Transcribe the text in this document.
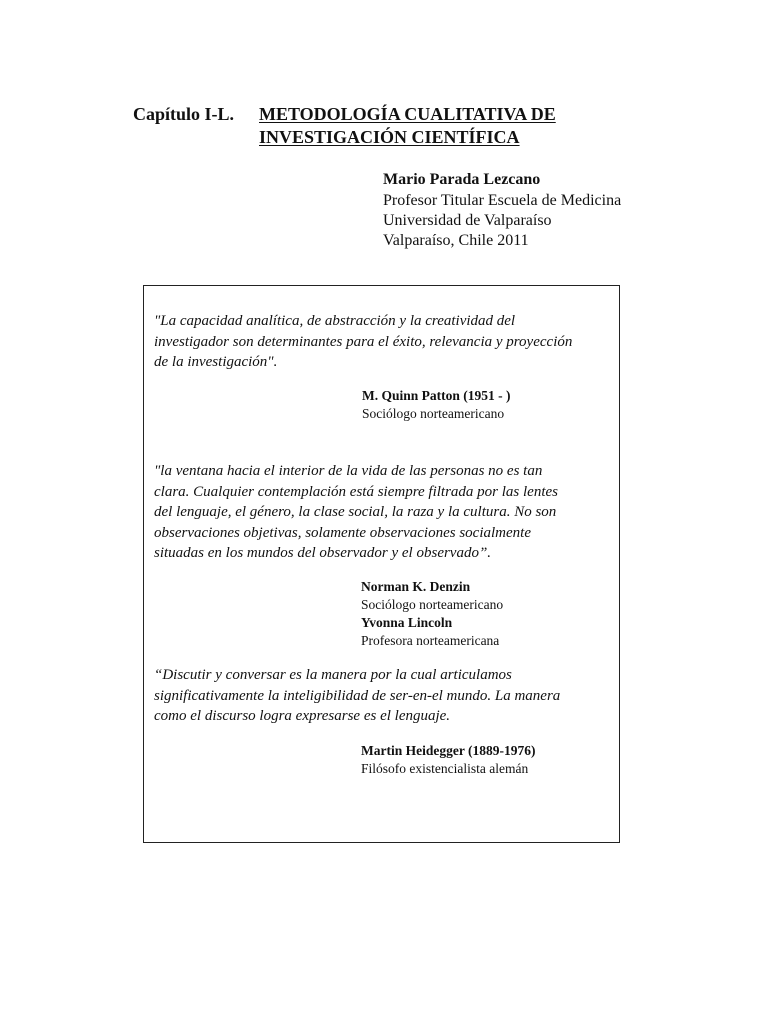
Capítulo I-L. METODOLOGÍA CUALITATIVA DE
INVESTIGACIÓN CIENTÍFICA
Mario Parada Lezcano
Profesor Titular Escuela de Medicina
Universidad de Valparaíso
Valparaíso, Chile 2011
"La capacidad analítica, de abstracción y la creatividad del
investigador son determinantes para el éxito, relevancia y proyección
de la investigación".
M. Quinn Patton (1951 - )
Sociólogo norteamericano
"la ventana hacia el interior de la vida de las personas no es tan
clara. Cualquier contemplación está siempre filtrada por las lentes
del lenguaje, el género, la clase social, la raza y la cultura. No son
observaciones objetivas, solamente observaciones socialmente
situadas en los mundos del observador y el observado”.
Norman K. Denzin
Sociólogo norteamericano
Yvonna Lincoln
Profesora norteamericana
“Discutir y conversar es la manera por la cual articulamos
significativamente la inteligibilidad de ser-en-el mundo. La manera
como el discurso logra expresarse es el lenguaje.
Martin Heidegger (1889-1976)
Filósofo existencialista alemán
